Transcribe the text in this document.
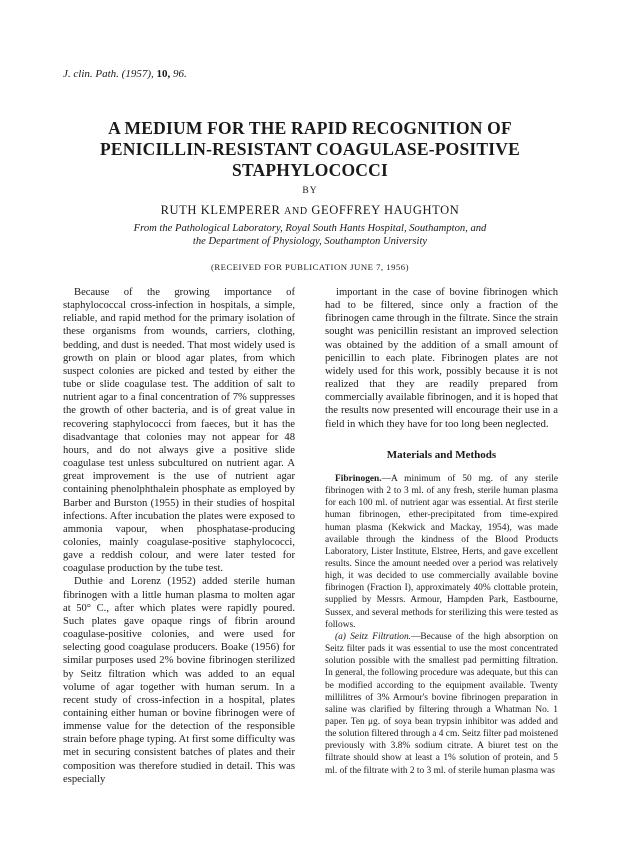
J. clin. Path. (1957), 10, 96.
A MEDIUM FOR THE RAPID RECOGNITION OF
PENICILLIN-RESISTANT COAGULASE-POSITIVE
STAPHYLOCOCCI
BY
RUTH KLEMPERER AND GEOFFREY HAUGHTON
From the Pathological Laboratory, Royal South Hants Hospital, Southampton, and
the Department of Physiology, Southampton University
(RECEIVED FOR PUBLICATION JUNE 7, 1956)

Because of the growing importance of staphylococcal cross-infection in hospitals, a simple, reliable, and rapid method for the primary isolation of these organisms from wounds, carriers, clothing, bedding, and dust is needed. That most widely used is growth on plain or blood agar plates, from which suspect colonies are picked and tested by either the tube or slide coagulase test. The addition of salt to nutrient agar to a final concentration of 7% suppresses the growth of other bacteria, and is of great value in recovering staphylococci from faeces, but it has the disadvantage that colonies may not appear for 48 hours, and do not always give a positive slide coagulase test unless subcultured on nutrient agar. A great improvement is the use of nutrient agar containing phenolphthalein phosphate as employed by Barber and Burston (1955) in their studies of hospital infections. After incubation the plates were exposed to ammonia vapour, when phosphatase-producing colonies, mainly coagulase-positive staphylococci, gave a reddish colour, and were later tested for coagulase production by the tube test.

Duthie and Lorenz (1952) added sterile human fibrinogen with a little human plasma to molten agar at 50° C., after which plates were rapidly poured. Such plates gave opaque rings of fibrin around coagulase-positive colonies, and were used for selecting good coagulase producers. Boake (1956) for similar purposes used 2% bovine fibrinogen sterilized by Seitz filtration which was added to an equal volume of agar together with human serum. In a recent study of cross-infection in a hospital, plates containing either human or bovine fibrinogen were of immense value for the detection of the responsible strain before phage typing. At first some difficulty was met in securing consistent batches of plates and their composition was therefore studied in detail. This was especially

important in the case of bovine fibrinogen which had to be filtered, since only a fraction of the fibrinogen came through in the filtrate. Since the strain sought was penicillin resistant an improved selection was obtained by the addition of a small amount of penicillin to each plate. Fibrinogen plates are not widely used for this work, possibly because it is not realized that they are readily prepared from commercially available fibrinogen, and it is hoped that the results now presented will encourage their use in a field in which they have for too long been neglected.

Materials and Methods

Fibrinogen.—A minimum of 50 mg. of any sterile fibrinogen with 2 to 3 ml. of any fresh, sterile human plasma for each 100 ml. of nutrient agar was essential. At first sterile human fibrinogen, ether-precipitated from time-expired human plasma (Kekwick and Mackay, 1954), was made available through the kindness of the Blood Products Laboratory, Lister Institute, Elstree, Herts, and gave excellent results. Since the amount needed over a period was relatively high, it was decided to use commercially available bovine fibrinogen (Fraction I), approximately 40% clottable protein, supplied by Messrs. Armour, Hampden Park, Eastbourne, Sussex, and several methods for sterilizing this were tested as follows.

(a) Seitz Filtration.—Because of the high absorption on Seitz filter pads it was essential to use the most concentrated solution possible with the smallest pad permitting filtration. In general, the following procedure was adequate, but this can be modified according to the equipment available. Twenty millilitres of 3% Armour's bovine fibrinogen preparation in saline was clarified by filtering through a Whatman No. 1 paper. Ten μg. of soya bean trypsin inhibitor was added and the solution filtered through a 4 cm. Seitz filter pad moistened previously with 3.8% sodium citrate. A biuret test on the filtrate should show at least a 1% solution of protein, and 5 ml. of the filtrate with 2 to 3 ml. of sterile human plasma was
